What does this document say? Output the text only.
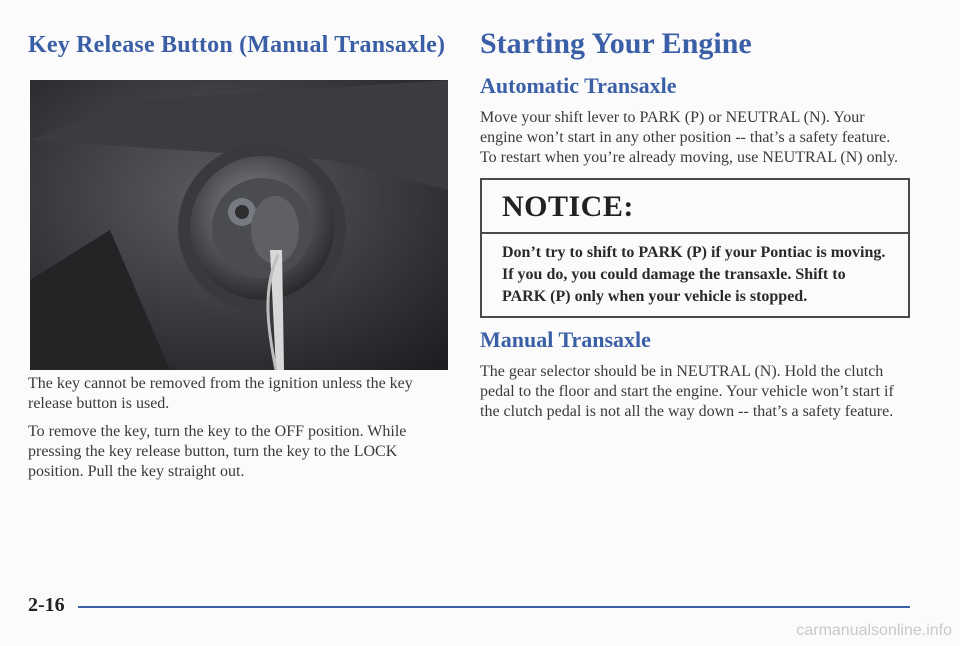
Key Release Button (Manual Transaxle)

The key cannot be removed from the ignition unless the key release button is used.

To remove the key, turn the key to the OFF position. While pressing the key release button, turn the key to the LOCK position. Pull the key straight out.

Starting Your Engine
Automatic Transaxle

Move your shift lever to PARK (P) or NEUTRAL (N). Your engine won’t start in any other position -- that’s a safety feature. To restart when you’re already moving, use NEUTRAL (N) only.

NOTICE:
Don’t try to shift to PARK (P) if your Pontiac is moving. If you do, you could damage the transaxle. Shift to PARK (P) only when your vehicle is stopped.
Manual Transaxle

The gear selector should be in NEUTRAL (N). Hold the clutch pedal to the floor and start the engine. Your vehicle won’t start if the clutch pedal is not all the way down -- that’s a safety feature.

2-16
carmanualsonline.info
